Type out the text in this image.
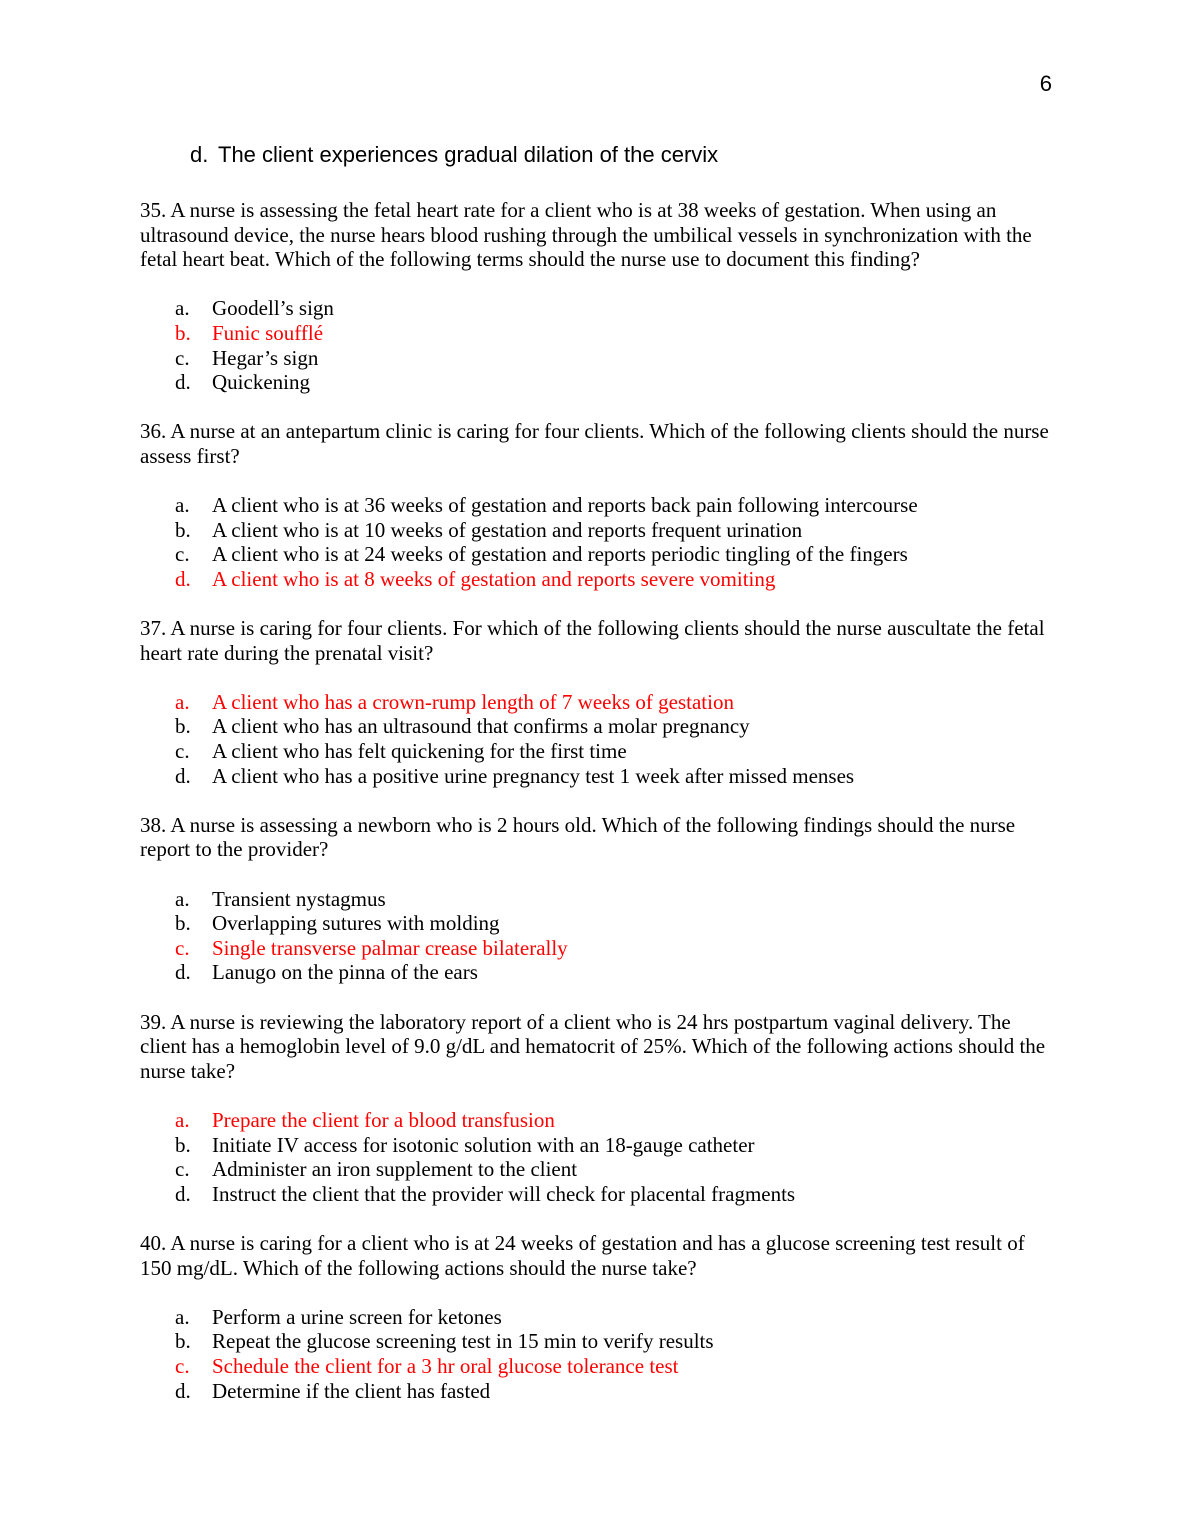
6
d. The client experiences gradual dilation of the cervix

35. A nurse is assessing the fetal heart rate for a client who is at 38 weeks of gestation. When using an ultrasound device, the nurse hears blood rushing through the umbilical vessels in synchronization with the fetal heart beat. Which of the following terms should the nurse use to document this finding?

a.	Goodell’s sign
b.	Funic soufflé
c.	Hegar’s sign
d.	Quickening

36. A nurse at an antepartum clinic is caring for four clients. Which of the following clients should the nurse assess first?

a.	A client who is at 36 weeks of gestation and reports back pain following intercourse
b.	A client who is at 10 weeks of gestation and reports frequent urination
c.	A client who is at 24 weeks of gestation and reports periodic tingling of the fingers
d.	A client who is at 8 weeks of gestation and reports severe vomiting

37. A nurse is caring for four clients. For which of the following clients should the nurse auscultate the fetal heart rate during the prenatal visit?

a.	A client who has a crown-rump length of 7 weeks of gestation
b.	A client who has an ultrasound that confirms a molar pregnancy
c.	A client who has felt quickening for the first time
d.	A client who has a positive urine pregnancy test 1 week after missed menses

38. A nurse is assessing a newborn who is 2 hours old. Which of the following findings should the nurse report to the provider?

a.	Transient nystagmus
b.	Overlapping sutures with molding
c.	Single transverse palmar crease bilaterally
d.	Lanugo on the pinna of the ears

39. A nurse is reviewing the laboratory report of a client who is 24 hrs postpartum vaginal delivery. The client has a hemoglobin level of 9.0 g/dL and hematocrit of 25%. Which of the following actions should the nurse take?

a.	Prepare the client for a blood transfusion
b.	Initiate IV access for isotonic solution with an 18-gauge catheter
c.	Administer an iron supplement to the client
d.	Instruct the client that the provider will check for placental fragments

40. A nurse is caring for a client who is at 24 weeks of gestation and has a glucose screening test result of 150 mg/dL. Which of the following actions should the nurse take?

a.	Perform a urine screen for ketones
b.	Repeat the glucose screening test in 15 min to verify results
c.	Schedule the client for a 3 hr oral glucose tolerance test
d.	Determine if the client has fasted
